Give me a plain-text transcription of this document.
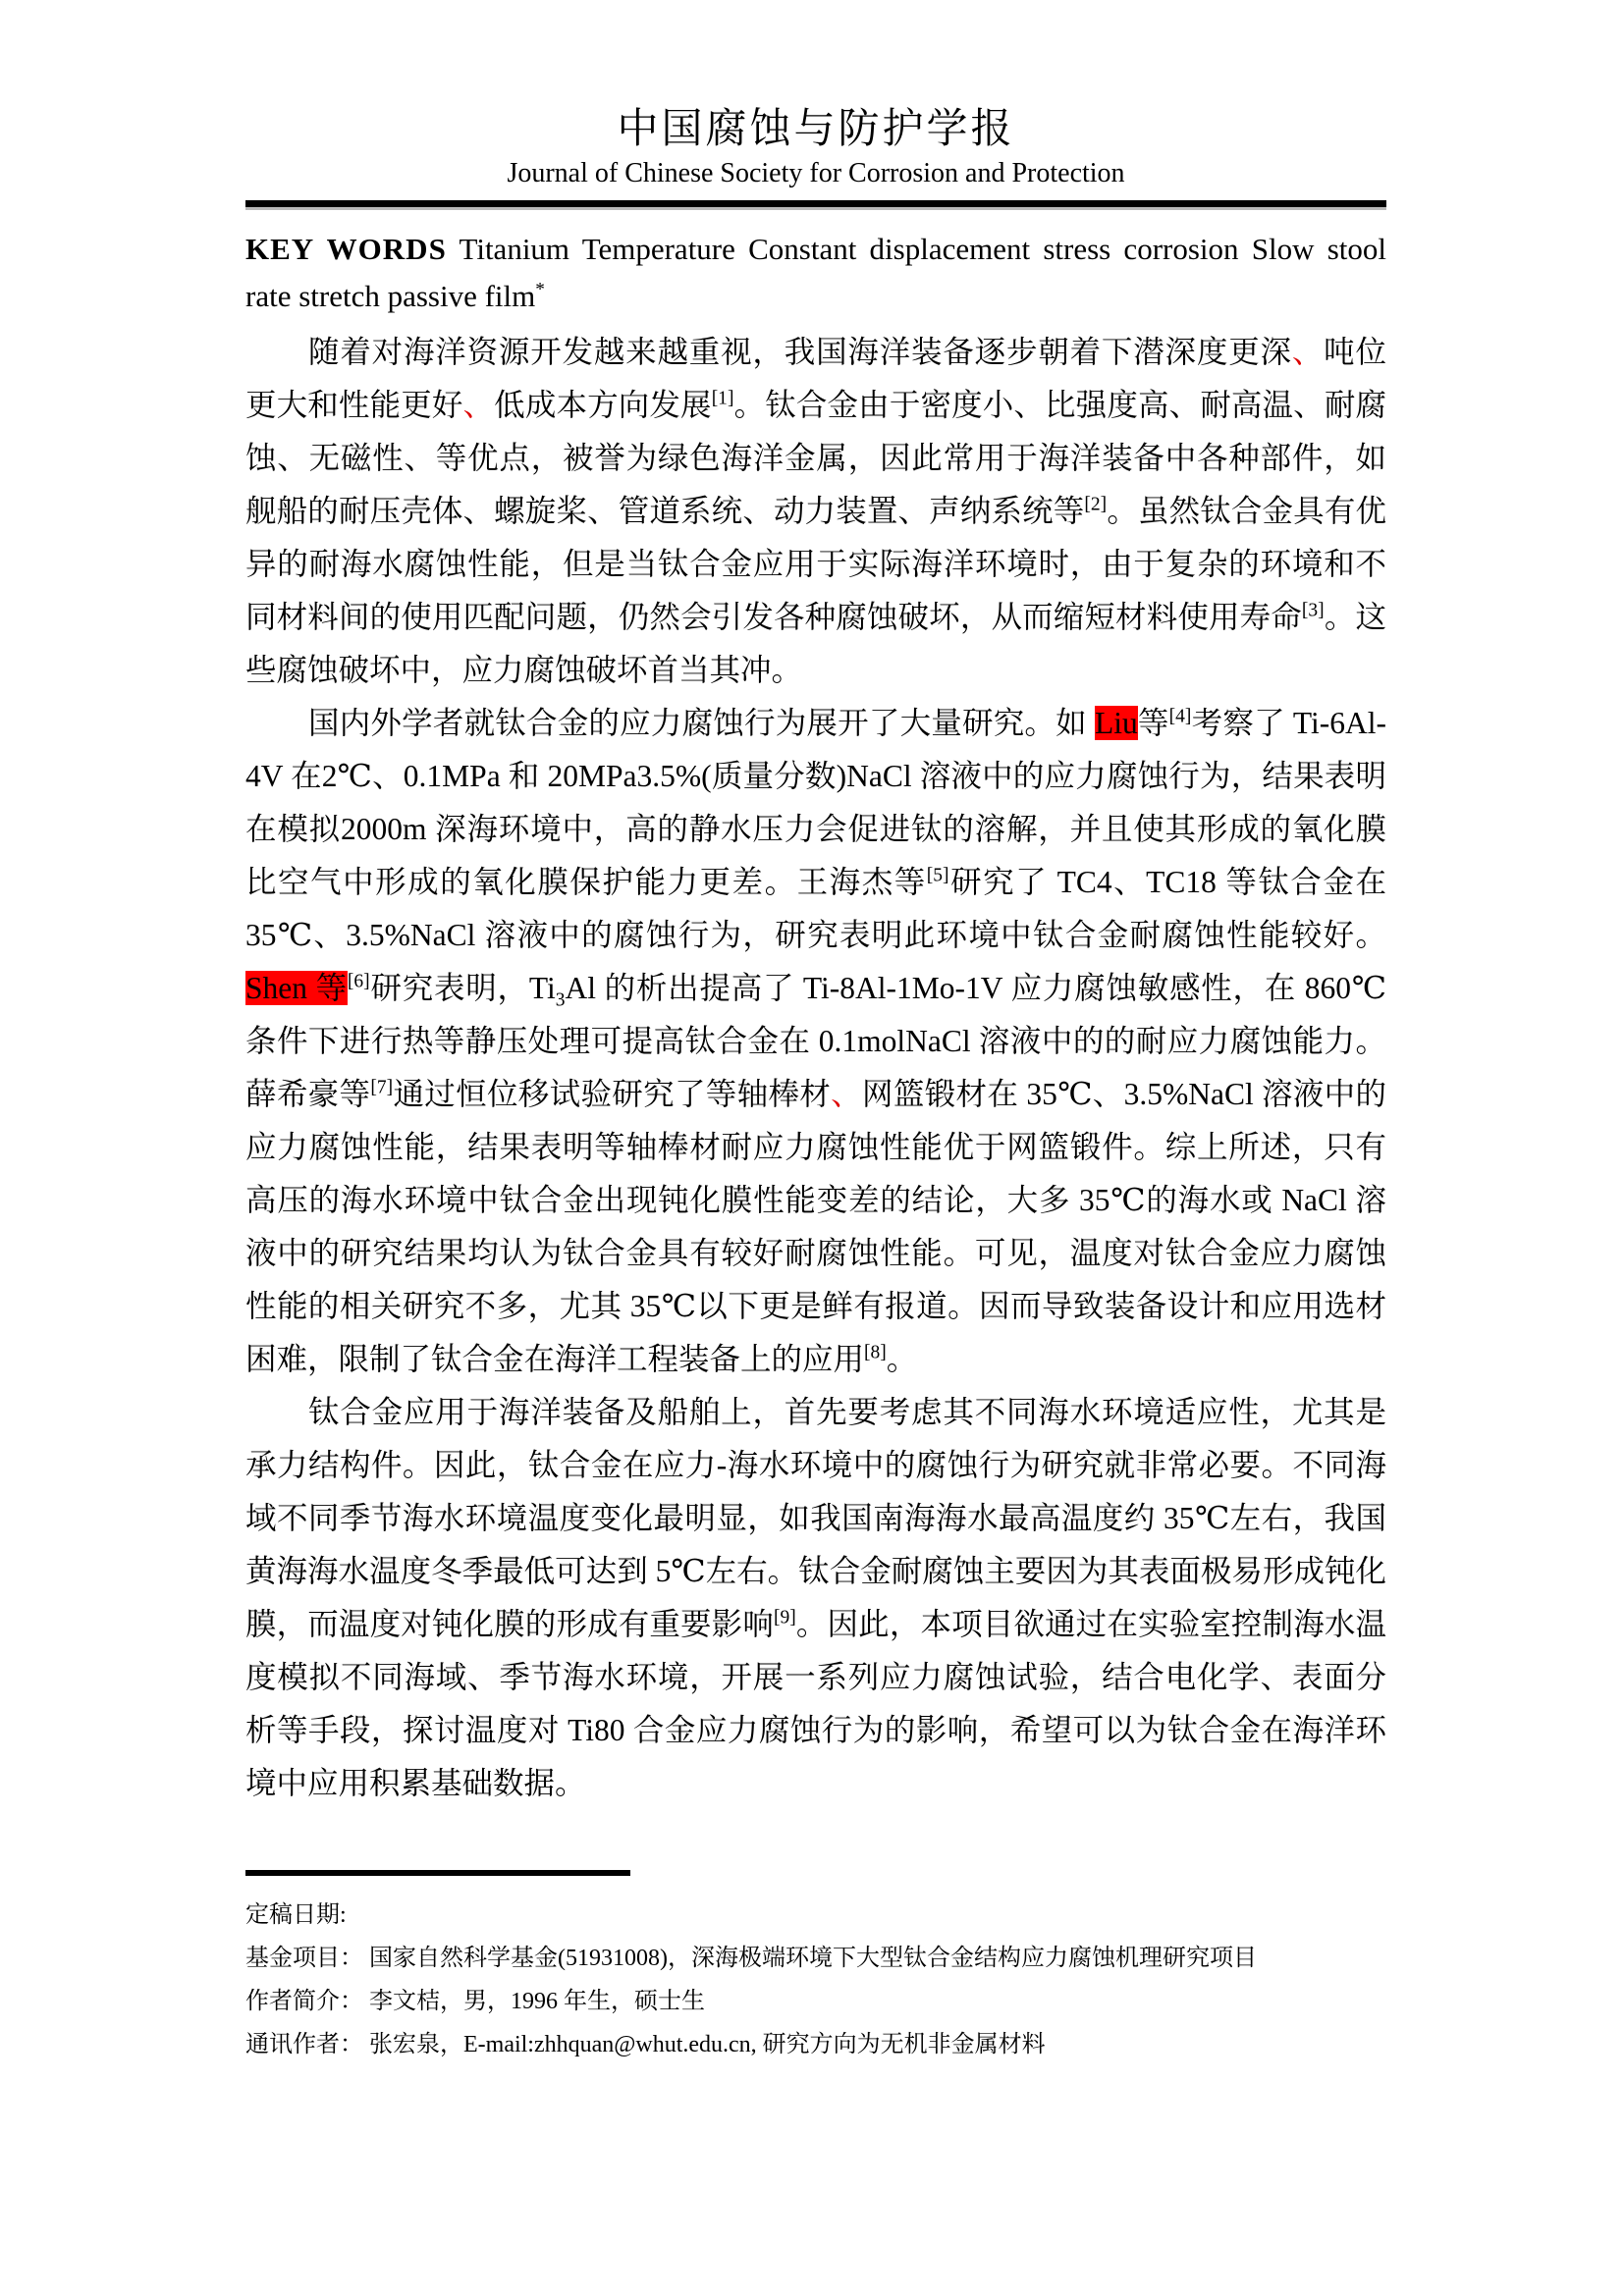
中国腐蚀与防护学报
Journal of Chinese Society for Corrosion and Protection
KEY WORDS Titanium Temperature Constant displacement stress corrosion Slow stool rate stretch passive film*

随着对海洋资源开发越来越重视，我国海洋装备逐步朝着下潜深度更深、吨位更大和性能更好、低成本方向发展[1]。钛合金由于密度小、比强度高、耐高温、耐腐蚀、无磁性、等优点，被誉为绿色海洋金属，因此常用于海洋装备中各种部件，如舰船的耐压壳体、螺旋桨、管道系统、动力装置、声纳系统等[2]。虽然钛合金具有优异的耐海水腐蚀性能，但是当钛合金应用于实际海洋环境时，由于复杂的环境和不同材料间的使用匹配问题，仍然会引发各种腐蚀破坏，从而缩短材料使用寿命[3]。这些腐蚀破坏中，应力腐蚀破坏首当其冲。

国内外学者就钛合金的应力腐蚀行为展开了大量研究。如 Liu等[4]考察了 Ti-6Al-4V 在2℃、0.1MPa 和 20MPa3.5%(质量分数)NaCl 溶液中的应力腐蚀行为，结果表明在模拟2000m 深海环境中，高的静水压力会促进钛的溶解，并且使其形成的氧化膜比空气中形成的氧化膜保护能力更差。王海杰等[5]研究了 TC4、TC18 等钛合金在 35℃、3.5%NaCl 溶液中的腐蚀行为，研究表明此环境中钛合金耐腐蚀性能较好。Shen 等[6]研究表明，$Ti_3Al$ 的析出提高了 Ti-8Al-1Mo-1V 应力腐蚀敏感性，在 860℃条件下进行热等静压处理可提高钛合金在 0.1molNaCl 溶液中的的耐应力腐蚀能力。薛希豪等[7]通过恒位移试验研究了等轴棒材、网篮锻材在 35℃、3.5%NaCl 溶液中的应力腐蚀性能，结果表明等轴棒材耐应力腐蚀性能优于网篮锻件。综上所述，只有高压的海水环境中钛合金出现钝化膜性能变差的结论，大多 35℃的海水或 NaCl 溶液中的研究结果均认为钛合金具有较好耐腐蚀性能。可见，温度对钛合金应力腐蚀性能的相关研究不多，尤其 35℃以下更是鲜有报道。因而导致装备设计和应用选材困难，限制了钛合金在海洋工程装备上的应用[8]。

钛合金应用于海洋装备及船舶上，首先要考虑其不同海水环境适应性，尤其是承力结构件。因此，钛合金在应力-海水环境中的腐蚀行为研究就非常必要。不同海域不同季节海水环境温度变化最明显，如我国南海海水最高温度约 35℃左右，我国黄海海水温度冬季最低可达到 5℃左右。钛合金耐腐蚀主要因为其表面极易形成钝化膜，而温度对钝化膜的形成有重要影响[9]。因此，本项目欲通过在实验室控制海水温度模拟不同海域、季节海水环境，开展一系列应力腐蚀试验，结合电化学、表面分析等手段，探讨温度对 Ti80 合金应力腐蚀行为的影响，希望可以为钛合金在海洋环境中应用积累基础数据。

定稿日期:
基金项目： 国家自然科学基金(51931008)，深海极端环境下大型钛合金结构应力腐蚀机理研究项目
作者简介： 李文桔，男，1996 年生，硕士生
通讯作者： 张宏泉，E-mail:zhhquan@whut.edu.cn, 研究方向为无机非金属材料
